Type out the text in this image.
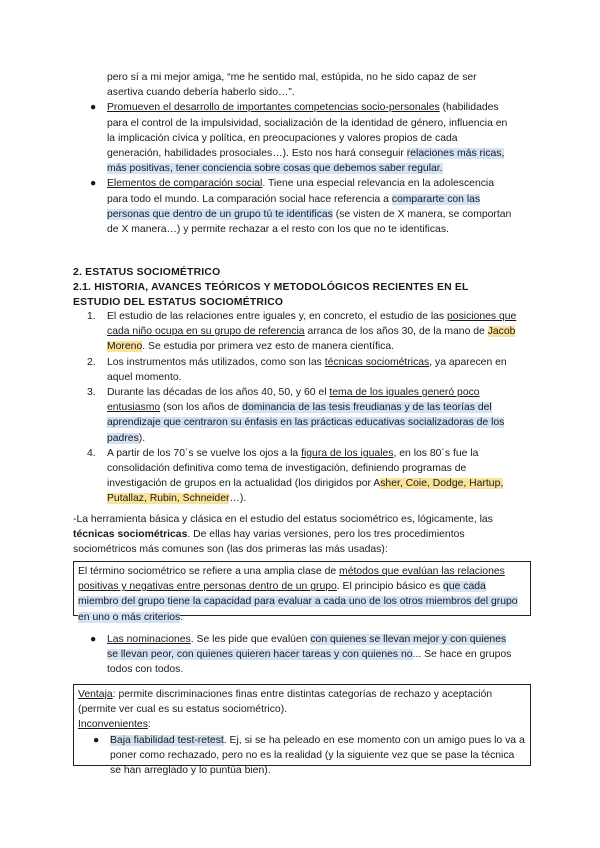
pero sí a mi mejor amiga, “me he sentido mal, estúpida, no he sido capaz de ser asertiva cuando debería haberlo sido…”.

● Promueven el desarrollo de importantes competencias socio-personales (habilidades para el control de la impulsividad, socialización de la identidad de género, influencia en la implicación cívica y política, en preocupaciones y valores propios de cada generación, habilidades prosociales…). Esto nos hará conseguir relaciones más ricas, más positivas, tener conciencia sobre cosas que debemos saber regular.
● Elementos de comparación social. Tiene una especial relevancia en la adolescencia para todo el mundo. La comparación social hace referencia a compararte con las personas que dentro de un grupo tú te identificas (se visten de X manera, se comportan de X manera…) y permite rechazar a el resto con los que no te identificas.
2. ESTATUS SOCIOMÉTRICO
2.1. HISTORIA, AVANCES TEÓRICOS Y METODOLÓGICOS RECIENTES EN EL ESTUDIO DEL ESTATUS SOCIOMÉTRICO
1. El estudio de las relaciones entre iguales y, en concreto, el estudio de las posiciones que cada niño ocupa en su grupo de referencia arranca de los años 30, de la mano de Jacob Moreno. Se estudia por primera vez esto de manera científica.
2. Los instrumentos más utilizados, como son las técnicas sociométricas, ya aparecen en aquel momento.
3. Durante las décadas de los años 40, 50, y 60 el tema de los iguales generó poco entusiasmo (son los años de dominancia de las tesis freudianas y de las teorías del aprendizaje que centraron su énfasis en las prácticas educativas socializadoras de los padres).
4. A partir de los 70´s se vuelve los ojos a la figura de los iguales, en los 80´s fue la consolidación definitiva como tema de investigación, definiendo programas de investigación de grupos en la actualidad (los dirigidos por Asher, Coie, Dodge, Hartup, Putallaz, Rubin, Schneider…).

-La herramienta básica y clásica en el estudio del estatus sociométrico es, lógicamente, las técnicas sociométricas. De ellas hay varias versiones, pero los tres procedimientos sociométricos más comunes son (las dos primeras las más usadas):

El término sociométrico se refiere a una amplia clase de métodos que evalúan las relaciones positivas y negativas entre personas dentro de un grupo. El principio básico es que cada miembro del grupo tiene la capacidad para evaluar a cada uno de los otros miembros del grupo en uno o más criterios.
● Las nominaciones. Se les pide que evalúen con quienes se llevan mejor y con quienes se llevan peor, con quienes quieren hacer tareas y con quienes no... Se hace en grupos todos con todos.
Ventaja: permite discriminaciones finas entre distintas categorías de rechazo y aceptación (permite ver cual es su estatus sociométrico).
Inconvenientes:
● Baja fiabilidad test-retest. Ej, si se ha peleado en ese momento con un amigo pues lo va a poner como rechazado, pero no es la realidad (y la siguiente vez que se pase la técnica se han arreglado y lo puntúa bien).
